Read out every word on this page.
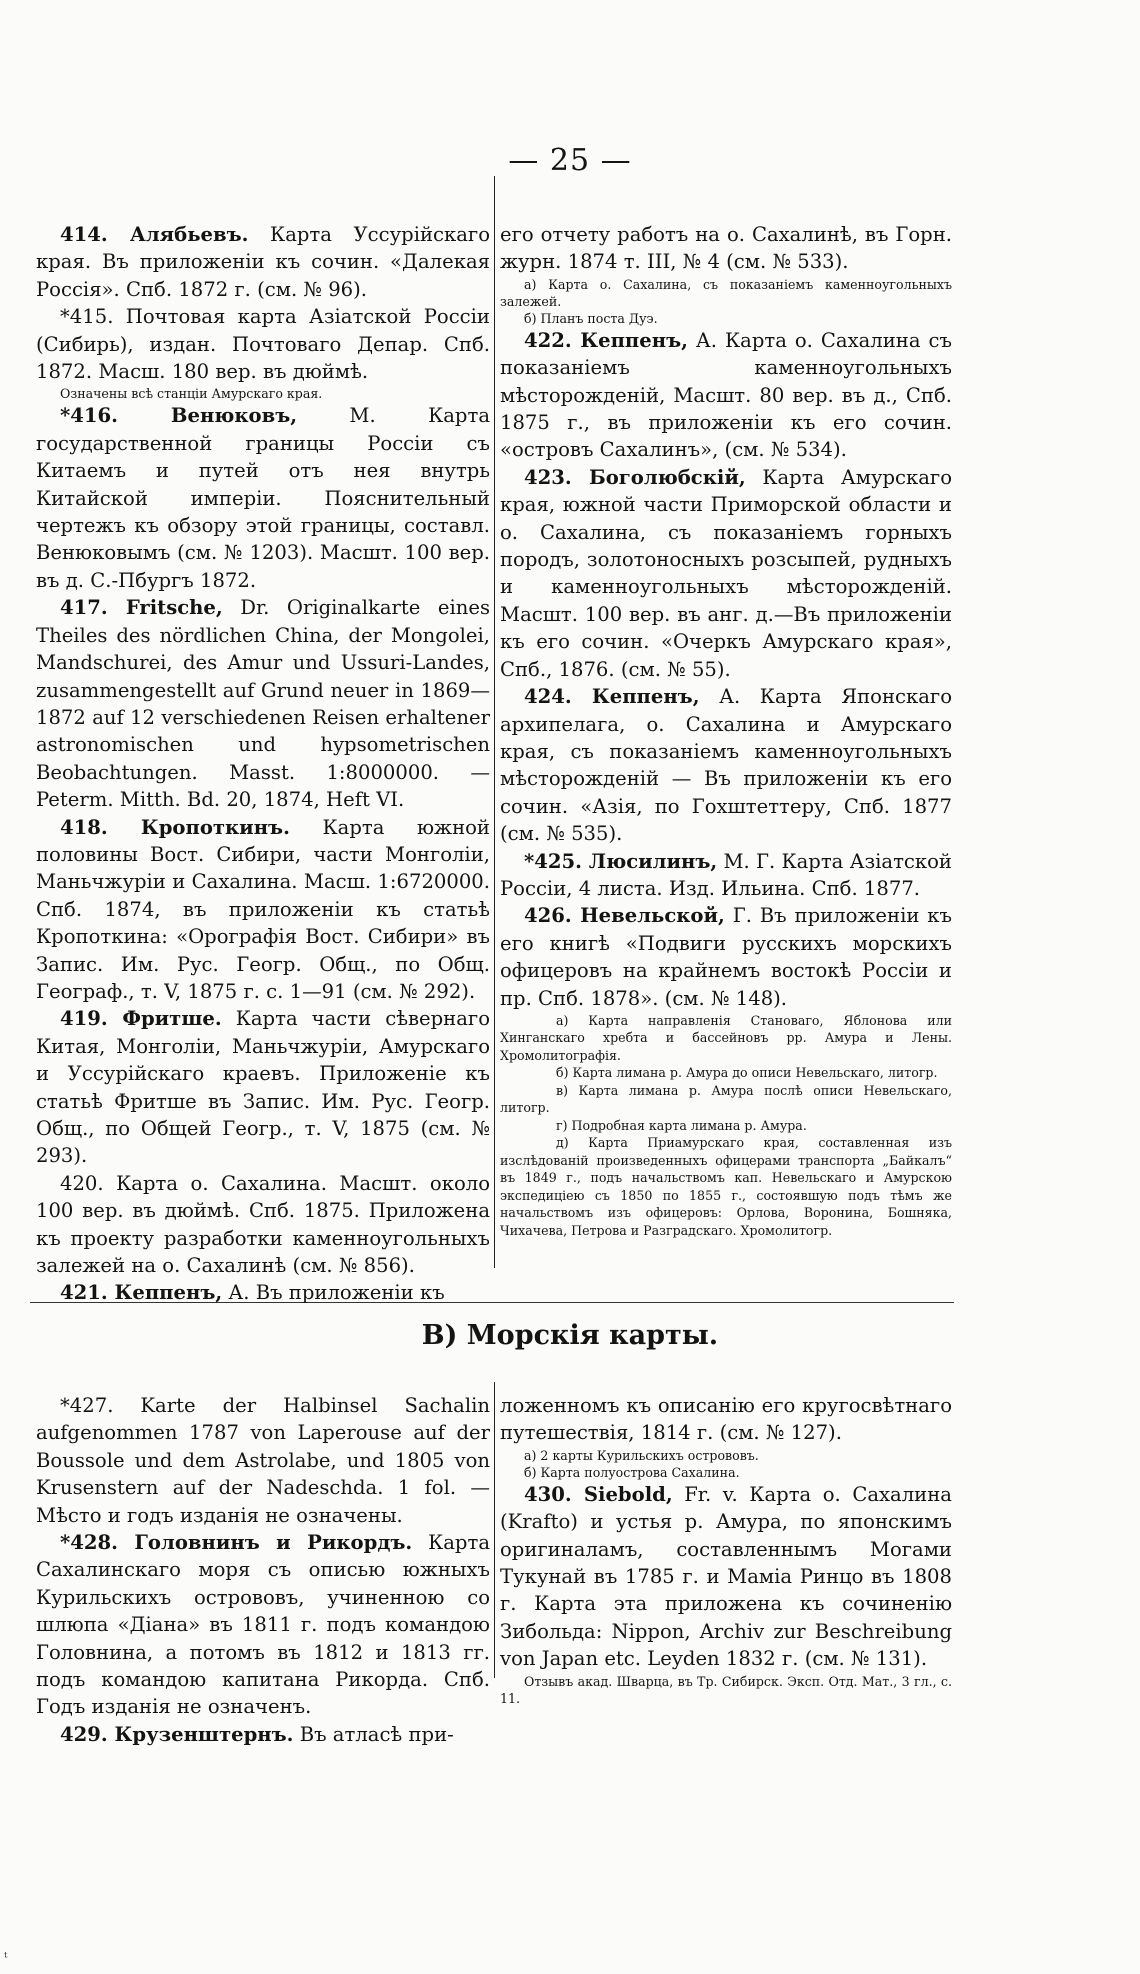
— 25 —
B) Морскія карты.

414. Алябьевъ. Карта Уссурійскаго края. Въ приложеніи къ сочин. «Далекая Россія». Спб. 1872 г. (см. № 96).

*415. Почтовая карта Азіатской Россіи (Сибирь), издан. Почтоваго Депар. Спб. 1872. Масш. 180 вер. въ дюймѣ.

Означены всѣ станціи Амурскаго края.

*416. Венюковъ, М. Карта государственной границы Россіи съ Китаемъ и путей отъ нея внутрь Китайской имперіи. Пояснительный чертежъ къ обзору этой границы, составл. Венюковымъ (см. № 1203). Масшт. 100 вер. въ д. С.-Пбургъ 1872.

417. Fritsche, Dr. Originalkarte eines Theiles des nördlichen China, der Mongolei, Mandschurei, des Amur und Ussuri-Landes, zusammengestellt auf Grund neuer in 1869—1872 auf 12 verschiedenen Reisen erhaltener astronomischen und hypsometrischen Beobachtungen. Masst. 1:8000000. — Peterm. Mitth. Bd. 20, 1874, Heft VI.

418. Кропоткинъ. Карта южной половины Вост. Сибири, части Монголіи, Маньчжуріи и Сахалина. Масш. 1:6720000. Спб. 1874, въ приложеніи къ статьѣ Кропоткина: «Орографія Вост. Сибири» въ Запис. Им. Рус. Геогр. Общ., по Общ. Географ., т. V, 1875 г. с. 1—91 (см. № 292).

419. Фритше. Карта части сѣвернаго Китая, Монголіи, Маньчжуріи, Амурскаго и Уссурійскаго краевъ. Приложеніе къ статьѣ Фритше въ Запис. Им. Рус. Геогр. Общ., по Общей Геогр., т. V, 1875 (см. № 293).

420. Карта о. Сахалина. Масшт. около 100 вер. въ дюймѣ. Спб. 1875. Приложена къ проекту разработки каменноугольныхъ залежей на о. Сахалинѣ (см. № 856).

421. Кеппенъ, А. Въ приложеніи къ

его отчету работъ на о. Сахалинѣ, въ Горн. журн. 1874 т. III, № 4 (см. № 533).

а) Карта о. Сахалина, съ показаніемъ каменноугольныхъ залежей.

б) Планъ поста Дуэ.

422. Кеппенъ, А. Карта о. Сахалина съ показаніемъ каменноугольныхъ мѣсторожденій, Масшт. 80 вер. въ д., Спб. 1875 г., въ приложеніи къ его сочин. «островъ Сахалинъ», (см. № 534).

423. Боголюбскій, Карта Амурскаго края, южной части Приморской области и о. Сахалина, съ показаніемъ горныхъ породъ, золотоносныхъ розсыпей, рудныхъ и каменноугольныхъ мѣсторожденій. Масшт. 100 вер. въ анг. д.—Въ приложеніи къ его сочин. «Очеркъ Амурскаго края», Спб., 1876. (см. № 55).

424. Кеппенъ, А. Карта Японскаго архипелага, о. Сахалина и Амурскаго края, съ показаніемъ каменноугольныхъ мѣсторожденій — Въ приложеніи къ его сочин. «Азія, по Гохштеттеру, Спб. 1877 (см. № 535).

*425. Люсилинъ, М. Г. Карта Азіатской Россіи, 4 листа. Изд. Ильина. Спб. 1877.

426. Невельской, Г. Въ приложеніи къ его книгѣ «Подвиги русскихъ морскихъ офицеровъ на крайнемъ востокѣ Россіи и пр. Спб. 1878». (см. № 148).

а) Карта направленія Становаго, Яблонова или Хинганскаго хребта и бассейновъ рр. Амура и Лены. Хромолитографія.

б) Карта лимана р. Амура до описи Невельскаго, литогр.

в) Карта лимана р. Амура послѣ описи Невельскаго, литогр.

г) Подробная карта лимана р. Амура.

д) Карта Приамурскаго края, составленная изъ изслѣдованій произведенныхъ офицерами транспорта „Байкалъ“ въ 1849 г., подъ начальствомъ кап. Невельскаго и Амурскою экспедиціею съ 1850 по 1855 г., состоявшую подъ тѣмъ же начальствомъ изъ офицеровъ: Орлова, Воронина, Бошняка, Чихачева, Петрова и Разградскаго. Хромолитогр.

*427. Karte der Halbinsel Sachalin aufgenommen 1787 von Laperouse auf der Boussole und dem Astrolabe, und 1805 von Krusenstern auf der Nadeschda. 1 fol. — Мѣсто и годъ изданія не означены.

*428. Головнинъ и Рикордъ. Карта Сахалинскаго моря съ описью южныхъ Курильскихъ острововъ, учиненною со шлюпа «Діана» въ 1811 г. подъ командою Головнина, а потомъ въ 1812 и 1813 гг. подъ командою капитана Рикорда. Спб. Годъ изданія не означенъ.

429. Крузенштернъ. Въ атласѣ при-

ложенномъ къ описанію его кругосвѣтнаго путешествія, 1814 г. (см. № 127).

а) 2 карты Курильскихъ острововъ.

б) Карта полуострова Сахалина.

430. Siebold, Fr. v. Карта о. Сахалина (Krafto) и устья р. Амура, по японскимъ оригиналамъ, составленнымъ Могами Тукунай въ 1785 г. и Маміа Ринцо въ 1808 г. Карта эта приложена къ сочиненію Зибольда: Nippon, Archiv zur Beschreibung von Japan etc. Leyden 1832 г. (см. № 131).

Отзывъ акад. Шварца, въ Тр. Сибирск. Эксп. Отд. Мат., 3 гл., с. 11.

ᵗ
